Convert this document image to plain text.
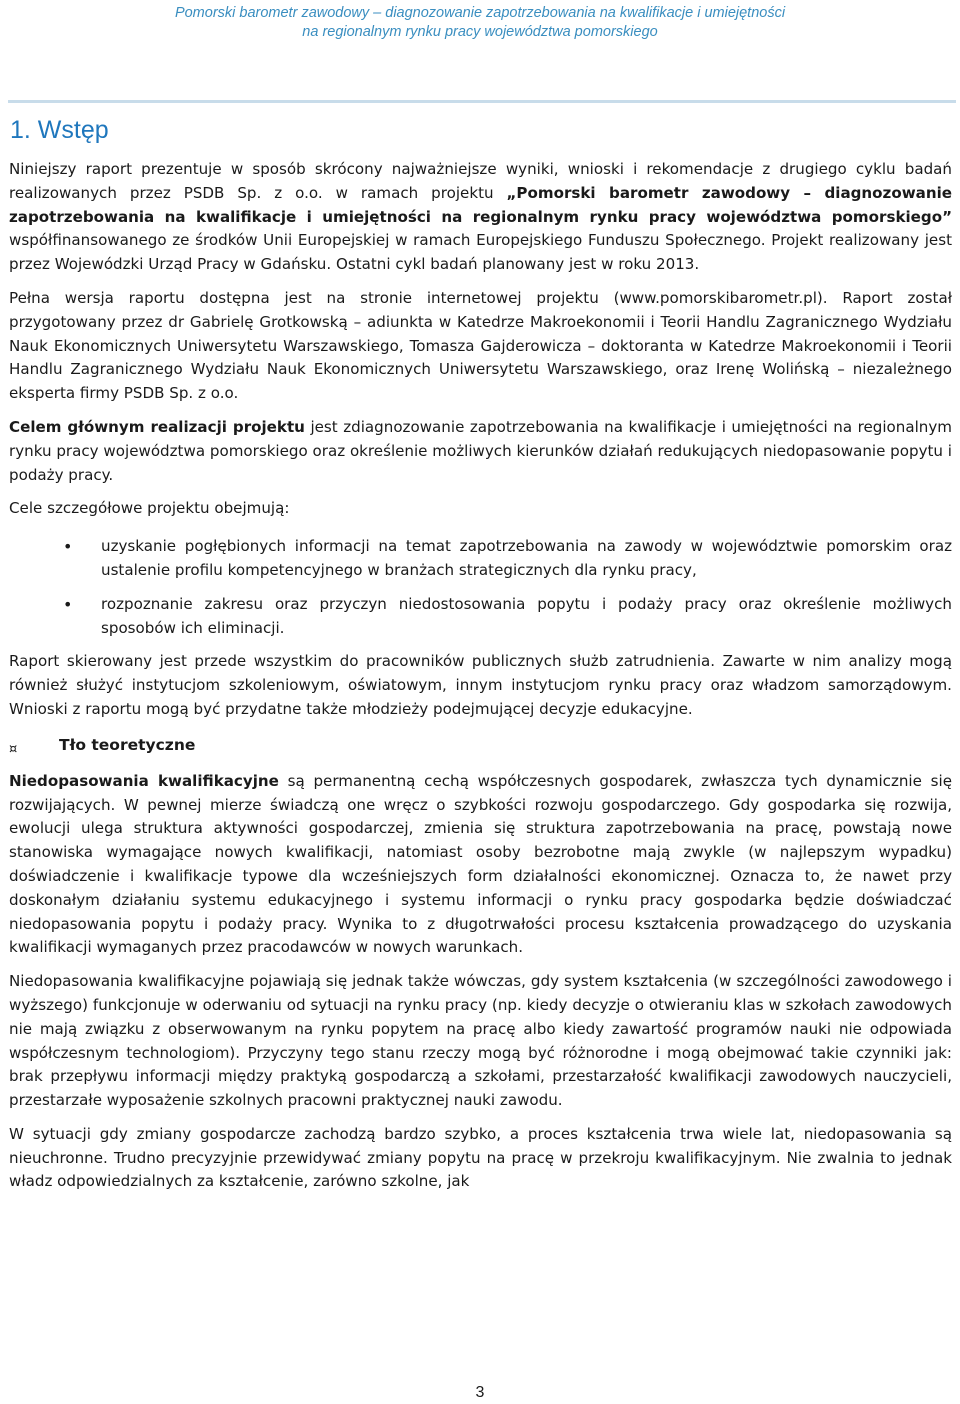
Pomorski barometr zawodowy – diagnozowanie zapotrzebowania na kwalifikacje i umiejętności
na regionalnym rynku pracy województwa pomorskiego
1. Wstęp

Niniejszy raport prezentuje w sposób skrócony najważniejsze wyniki, wnioski i rekomendacje z drugiego cyklu badań realizowanych przez PSDB Sp. z o.o. w ramach projektu „Pomorski barometr zawodowy – diagnozowanie zapotrzebowania na kwalifikacje i umiejętności na regionalnym rynku pracy województwa pomorskiego” współfinansowanego ze środków Unii Europejskiej w ramach Europejskiego Funduszu Społecznego. Projekt realizowany jest przez Wojewódzki Urząd Pracy w Gdańsku. Ostatni cykl badań planowany jest w roku 2013.

Pełna wersja raportu dostępna jest na stronie internetowej projektu (www.pomorskibarometr.pl). Raport został przygotowany przez dr Gabrielę Grotkowską – adiunkta w Katedrze Makroekonomii i Teorii Handlu Zagranicznego Wydziału Nauk Ekonomicznych Uniwersytetu Warszawskiego, Tomasza Gajderowicza – doktoranta w Katedrze Makroekonomii i Teorii Handlu Zagranicznego Wydziału Nauk Ekonomicznych Uniwersytetu Warszawskiego, oraz Irenę Wolińską – niezależnego eksperta firmy PSDB Sp. z o.o.

Celem głównym realizacji projektu jest zdiagnozowanie zapotrzebowania na kwalifikacje i umiejętności na regionalnym rynku pracy województwa pomorskiego oraz określenie możliwych kierunków działań redukujących niedopasowanie popytu i podaży pracy.

Cele szczegółowe projektu obejmują:

• uzyskanie pogłębionych informacji na temat zapotrzebowania na zawody w województwie pomorskim oraz ustalenie profilu kompetencyjnego w branżach strategicznych dla rynku pracy,
• rozpoznanie zakresu oraz przyczyn niedostosowania popytu i podaży pracy oraz określenie możliwych sposobów ich eliminacji.

Raport skierowany jest przede wszystkim do pracowników publicznych służb zatrudnienia. Zawarte w nim analizy mogą również służyć instytucjom szkoleniowym, oświatowym, innym instytucjom rynku pracy oraz władzom samorządowym. Wnioski z raportu mogą być przydatne także młodzieży podejmującej decyzje edukacyjne.

¤	Tło teoretyczne

Niedopasowania kwalifikacyjne są permanentną cechą współczesnych gospodarek, zwłaszcza tych dynamicznie się rozwijających. W pewnej mierze świadczą one wręcz o szybkości rozwoju gospodarczego. Gdy gospodarka się rozwija, ewolucji ulega struktura aktywności gospodarczej, zmienia się struktura zapotrzebowania na pracę, powstają nowe stanowiska wymagające nowych kwalifikacji, natomiast osoby bezrobotne mają zwykle (w najlepszym wypadku) doświadczenie i kwalifikacje typowe dla wcześniejszych form działalności ekonomicznej. Oznacza to, że nawet przy doskonałym działaniu systemu edukacyjnego i systemu informacji o rynku pracy gospodarka będzie doświadczać niedopasowania popytu i podaży pracy. Wynika to z długotrwałości procesu kształcenia prowadzącego do uzyskania kwalifikacji wymaganych przez pracodawców w nowych warunkach.

Niedopasowania kwalifikacyjne pojawiają się jednak także wówczas, gdy system kształcenia (w szczególności zawodowego i wyższego) funkcjonuje w oderwaniu od sytuacji na rynku pracy (np. kiedy decyzje o otwieraniu klas w szkołach zawodowych nie mają związku z obserwowanym na rynku popytem na pracę albo kiedy zawartość programów nauki nie odpowiada współczesnym technologiom). Przyczyny tego stanu rzeczy mogą być różnorodne i mogą obejmować takie czynniki jak: brak przepływu informacji między praktyką gospodarczą a szkołami, przestarzałość kwalifikacji zawodowych nauczycieli, przestarzałe wyposażenie szkolnych pracowni praktycznej nauki zawodu.

W sytuacji gdy zmiany gospodarcze zachodzą bardzo szybko, a proces kształcenia trwa wiele lat, niedopasowania są nieuchronne. Trudno precyzyjnie przewidywać zmiany popytu na pracę w przekroju kwalifikacyjnym. Nie zwalnia to jednak władz odpowiedzialnych za kształcenie, zarówno szkolne, jak

3
